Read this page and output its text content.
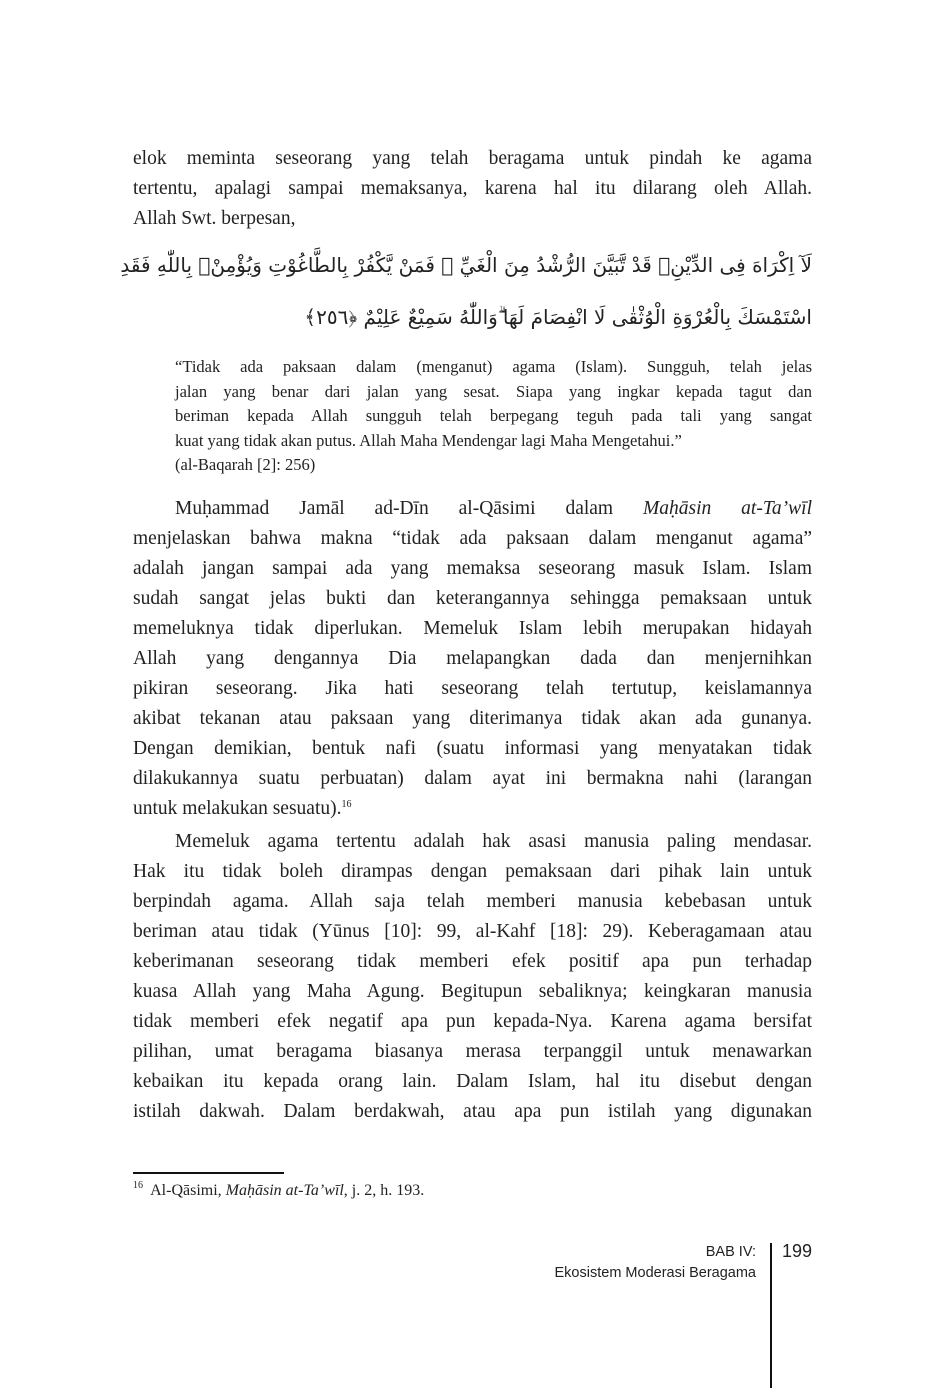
elok meminta seseorang yang telah beragama untuk pindah ke agama
tertentu, apalagi sampai memaksanya, karena hal itu dilarang oleh Allah.
Allah Swt. berpesan,
لَآ اِكْرَاهَ فِى الدِّيْنِۗ قَدْ تَّبَيَّنَ الرُّشْدُ مِنَ الْغَيِّ ۚ فَمَنْ يَّكْفُرْ بِالطَّاغُوْتِ وَيُؤْمِنْۢ بِاللّٰهِ فَقَدِ
اسْتَمْسَكَ بِالْعُرْوَةِ الْوُثْقٰى لَا انْفِصَامَ لَهَا ۗوَاللّٰهُ سَمِيْعٌ عَلِيْمٌ ﴿٢٥٦﴾
“Tidak ada paksaan dalam (menganut) agama (Islam). Sungguh, telah jelas
jalan yang benar dari jalan yang sesat. Siapa yang ingkar kepada tagut dan
beriman kepada Allah sungguh telah berpegang teguh pada tali yang sangat
kuat yang tidak akan putus. Allah Maha Mendengar lagi Maha Mengetahui.”
(al-Baqarah [2]: 256)
Muḥammad Jamāl ad-Dīn al-Qāsimi dalam Maḥāsin at-Ta’wīl
menjelaskan bahwa makna “tidak ada paksaan dalam menganut agama”
adalah jangan sampai ada yang memaksa seseorang masuk Islam. Islam
sudah sangat jelas bukti dan keterangannya sehingga pemaksaan untuk
memeluknya tidak diperlukan. Memeluk Islam lebih merupakan hidayah
Allah yang dengannya Dia melapangkan dada dan menjernihkan
pikiran seseorang. Jika hati seseorang telah tertutup, keislamannya
akibat tekanan atau paksaan yang diterimanya tidak akan ada gunanya.
Dengan demikian, bentuk nafi (suatu informasi yang menyatakan tidak
dilakukannya suatu perbuatan) dalam ayat ini bermakna nahi (larangan
untuk melakukan sesuatu).$^{16}$
Memeluk agama tertentu adalah hak asasi manusia paling mendasar.
Hak itu tidak boleh dirampas dengan pemaksaan dari pihak lain untuk
berpindah agama. Allah saja telah memberi manusia kebebasan untuk
beriman atau tidak (Yūnus [10]: 99, al-Kahf [18]: 29). Keberagamaan atau
keberimanan seseorang tidak memberi efek positif apa pun terhadap
kuasa Allah yang Maha Agung. Begitupun sebaliknya; keingkaran manusia
tidak memberi efek negatif apa pun kepada-Nya. Karena agama bersifat
pilihan, umat beragama biasanya merasa terpanggil untuk menawarkan
kebaikan itu kepada orang lain. Dalam Islam, hal itu disebut dengan
istilah dakwah. Dalam berdakwah, atau apa pun istilah yang digunakan
$^{16}$ Al-Qāsimi, Maḥāsin at-Ta’wīl, j. 2, h. 193.
BAB IV:
Ekosistem Moderasi Beragama
199
